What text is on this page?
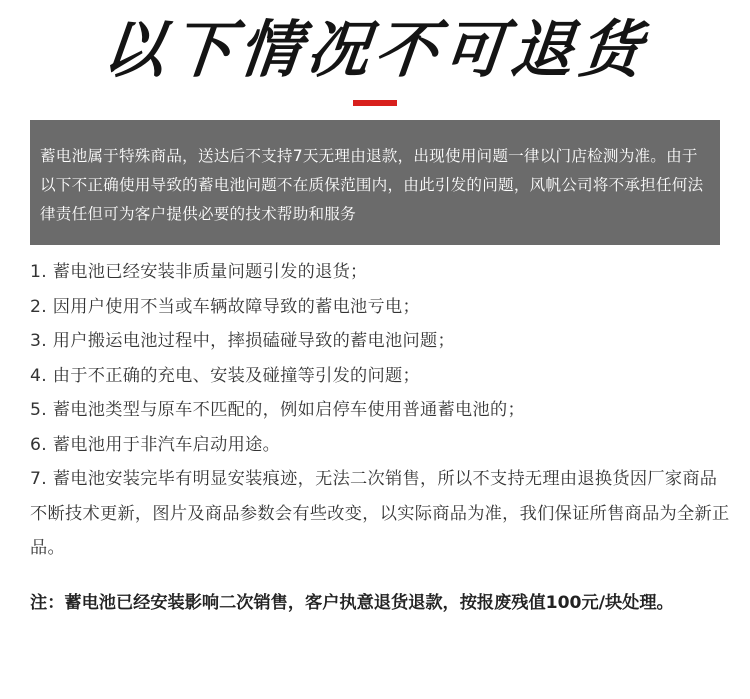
以下情况不可退货
蓄电池属于特殊商品，送达后不支持7天无理由退款，出现使用问题一律以门店检测为准。由于以下不正确使用导致的蓄电池问题不在质保范围内，由此引发的问题，风帆公司将不承担任何法律责任但可为客户提供必要的技术帮助和服务
1. 蓄电池已经安装非质量问题引发的退货；
2. 因用户使用不当或车辆故障导致的蓄电池亏电；
3. 用户搬运电池过程中，摔损磕碰导致的蓄电池问题；
4. 由于不正确的充电、安装及碰撞等引发的问题；
5. 蓄电池类型与原车不匹配的，例如启停车使用普通蓄电池的；
6. 蓄电池用于非汽车启动用途。
7. 蓄电池安装完毕有明显安装痕迹，无法二次销售，所以不支持无理由退换货因厂家商品不断技术更新，图片及商品参数会有些改变，以实际商品为准，我们保证所售商品为全新正品。
注：蓄电池已经安装影响二次销售，客户执意退货退款，按报废残值100元/块处理。
